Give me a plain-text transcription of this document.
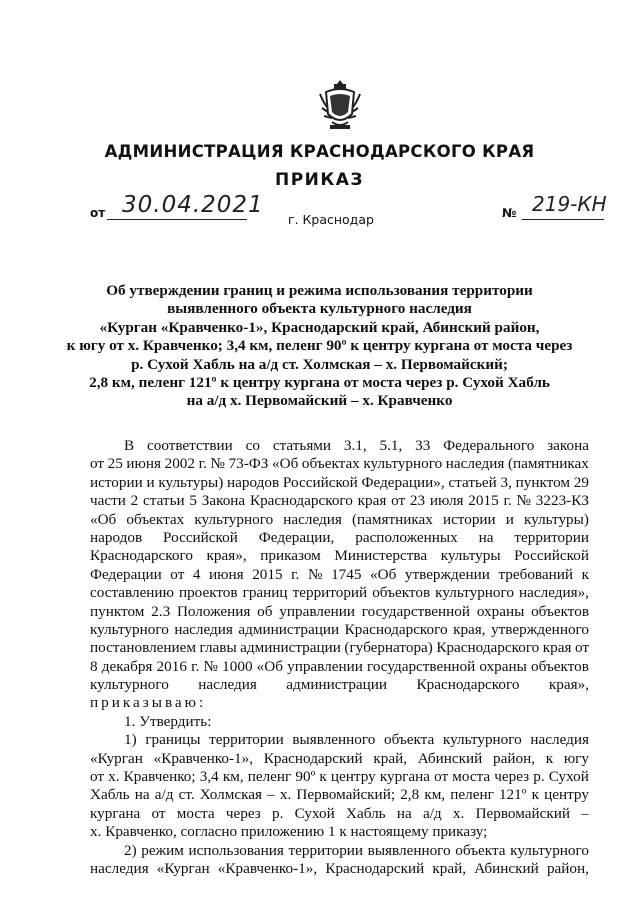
АДМИНИСТРАЦИЯ КРАСНОДАРСКОГО КРАЯ
ПРИКАЗ
от 30.04.2021
г. Краснодар	№ 219-КН
Об утверждении границ и режима использования территории
выявленного объекта культурного наследия
«Курган «Кравченко-1», Краснодарский край, Абинский район,
к югу от х. Кравченко; 3,4 км, пеленг 90º к центру кургана от моста через
р. Сухой Хабль на а/д ст. Холмская – х. Первомайский;
2,8 км, пеленг 121º к центру кургана от моста через р. Сухой Хабль
на а/д х. Первомайский – х. Кравченко
В соответствии со статьями 3.1, 5.1, 33 Федерального закона
от 25 июня 2002 г. № 73-ФЗ «Об объектах культурного наследия (памятниках
истории и культуры) народов Российской Федерации», статьей 3, пунктом 29
части 2 статьи 5 Закона Краснодарского края от 23 июля 2015 г. № 3223-КЗ
«Об объектах культурного наследия (памятниках истории и культуры)
народов Российской Федерации, расположенных на территории
Краснодарского края», приказом Министерства культуры Российской
Федерации от 4 июня 2015 г. № 1745 «Об утверждении требований к
составлению проектов границ территорий объектов культурного наследия»,
пунктом 2.3 Положения об управлении государственной охраны объектов
культурного наследия администрации Краснодарского края, утвержденного
постановлением главы администрации (губернатора) Краснодарского края от
8 декабря 2016 г. № 1000 «Об управлении государственной охраны объектов
культурного наследия администрации Краснодарского края»,
приказываю:
1. Утвердить:
1) границы территории выявленного объекта культурного наследия
«Курган «Кравченко-1», Краснодарский край, Абинский район, к югу
от х. Кравченко; 3,4 км, пеленг 90º к центру кургана от моста через р. Сухой
Хабль на а/д ст. Холмская – х. Первомайский; 2,8 км, пеленг 121º к центру
кургана от моста через р. Сухой Хабль на а/д х. Первомайский –
х. Кравченко, согласно приложению 1 к настоящему приказу;
2) режим использования территории выявленного объекта культурного
наследия «Курган «Кравченко-1», Краснодарский край, Абинский район,
